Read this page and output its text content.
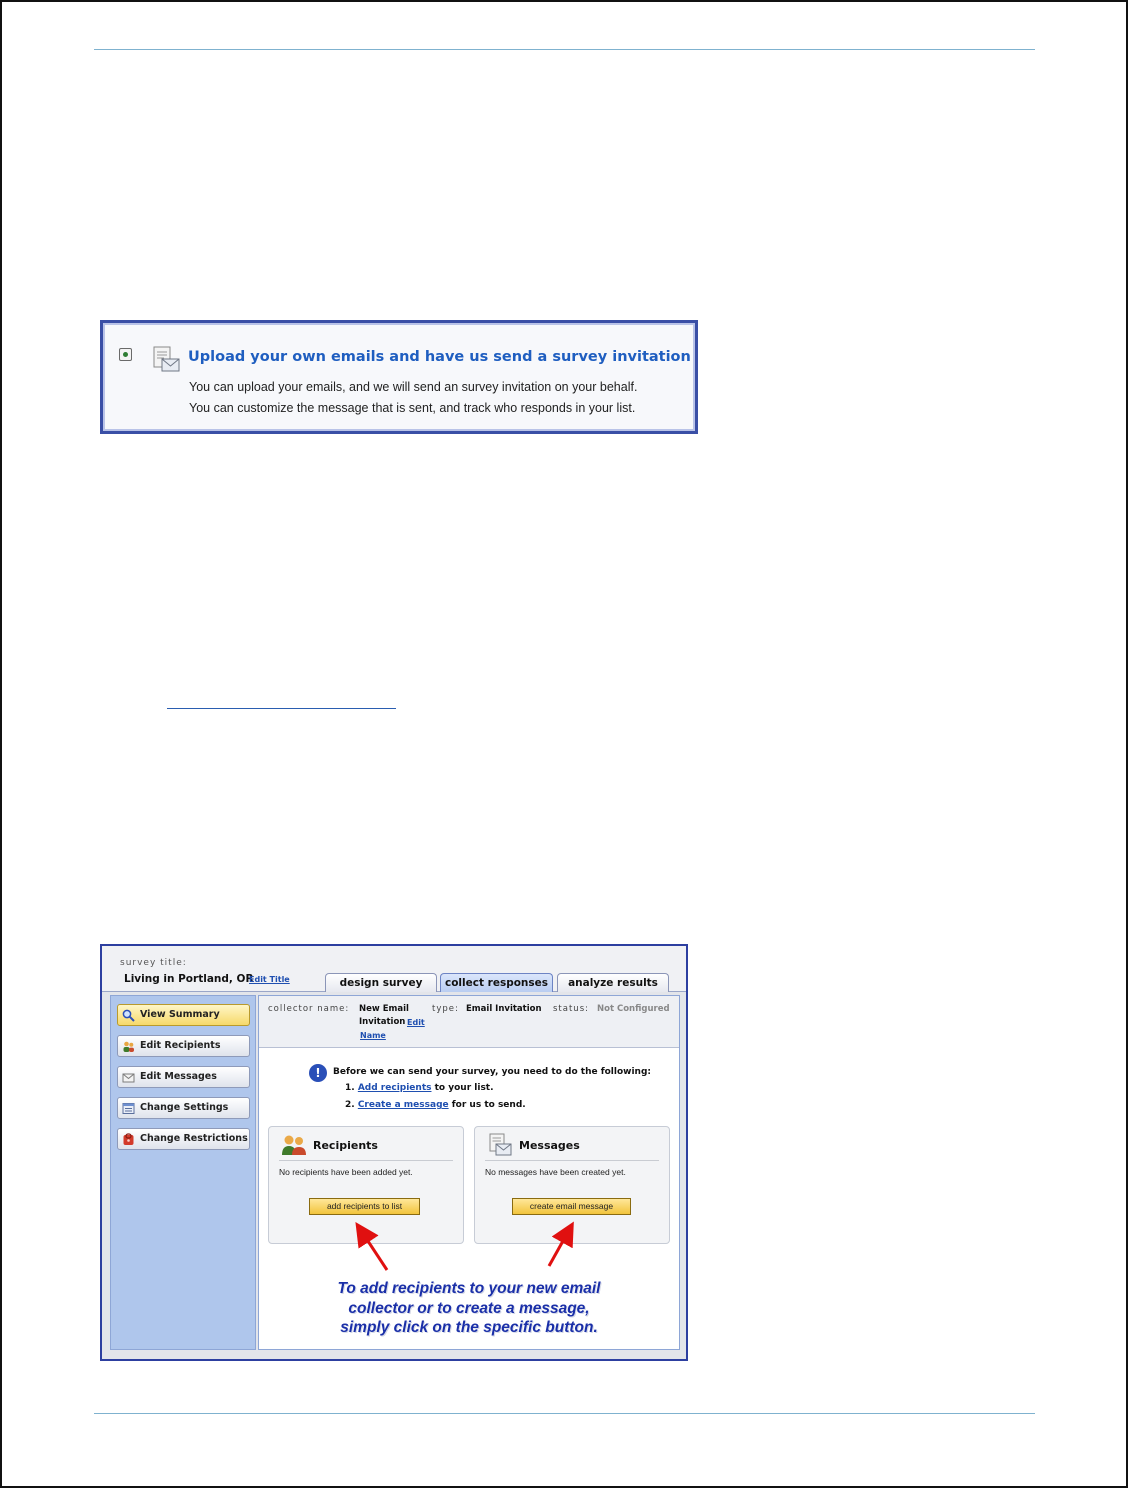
Upload your own emails and have us send a survey invitation
You can upload your emails, and we will send an survey invitation on your behalf.
You can customize the message that is sent, and track who responds in your list.
survey title:
Living in Portland, OR
Edit Title	design survey	collect responses	analyze results
View Summary
Edit Recipients
Edit Messages
Change Settings
Change Restrictions
collector name: New Email
Invitation Edit
Name
type: Email Invitation status: Not Configured
!	Before we can send your survey, you need to do the following:
1. Add recipients to your list.
2. Create a message for us to send.
Recipients
No recipients have been added yet.
add recipients to list
Messages
No messages have been created yet.
create email message
To add recipients to your new email
collector or to create a message,
simply click on the specific button.
